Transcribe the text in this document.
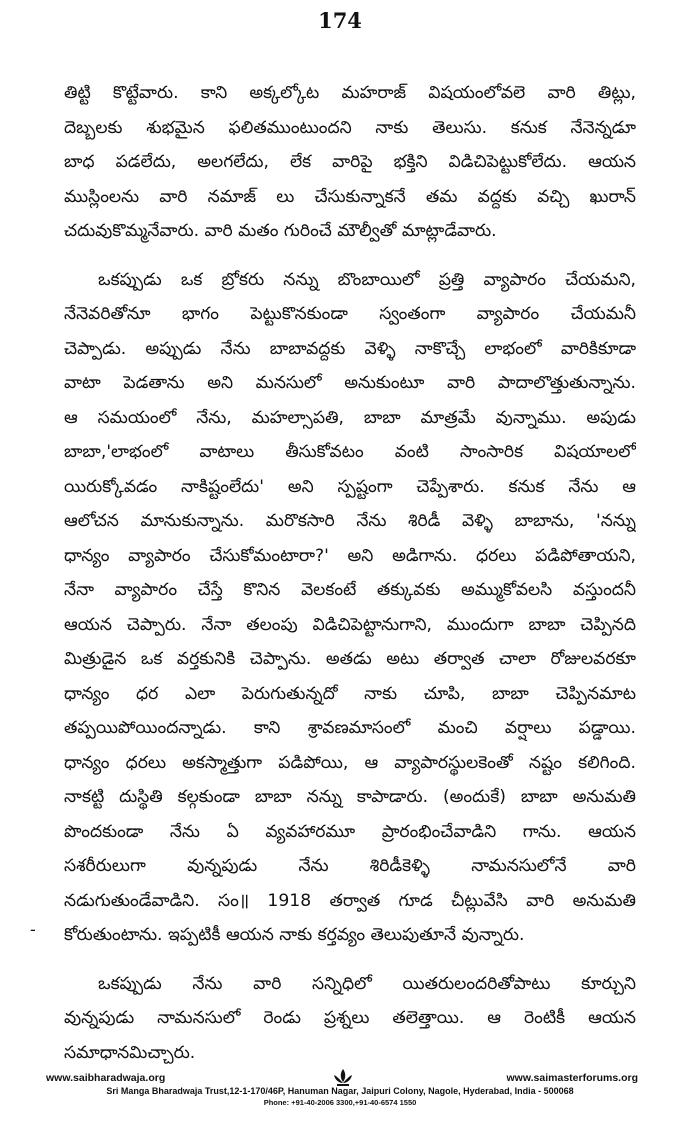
174
తిట్టి కొట్టేవారు. కాని అక్కల్కోట మహరాజ్ విషయంలోవలె వారి తిట్లు,
దెబ్బలకు శుభమైన ఫలితముంటుందని నాకు తెలుసు. కనుక నేనెన్నడూ
బాధ పడలేదు, అలగలేదు, లేక వారిపై భక్తిని విడిచిపెట్టుకోలేదు. ఆయన
ముస్లింలను వారి నమాజ్ లు చేసుకున్నాకనే తమ వద్దకు వచ్చి ఖురాన్
చదువుకొమ్మనేవారు. వారి మతం గురించే మౌల్వీతో మాట్లాడేవారు.
ఒకప్పుడు ఒక బ్రోకరు నన్ను బొంబాయిలో ప్రత్తి వ్యాపారం చేయమని,
నేనెవరితోనూ భాగం పెట్టుకొనకుండా స్వంతంగా వ్యాపారం చేయమనీ
చెప్పాడు. అప్పుడు నేను బాబావద్దకు వెళ్ళి నాకొచ్చే లాభంలో వారికికూడా
వాటా పెడతాను అని మనసులో అనుకుంటూ వారి పాదాలొత్తుతున్నాను.
ఆ సమయంలో నేను, మహల్సాపతి, బాబా మాత్రమే వున్నాము. అపుడు
బాబా,'లాభంలో వాటాలు తీసుకోవటం వంటి సాంసారిక విషయాలలో
యిరుక్కోవడం నాకిష్టంలేదు' అని స్పష్టంగా చెప్పేశారు. కనుక నేను ఆ
ఆలోచన మానుకున్నాను. మరొకసారి నేను శిరిడీ వెళ్ళి బాబాను, 'నన్ను
ధాన్యం వ్యాపారం చేసుకోమంటారా?' అని అడిగాను. ధరలు పడిపోతాయని,
నేనా వ్యాపారం చేస్తే కొనిన వెలకంటే తక్కువకు అమ్ముకోవలసి వస్తుందనీ
ఆయన చెప్పారు. నేనా తలంపు విడిచిపెట్టానుగాని, ముందుగా బాబా చెప్పినది
మిత్రుడైన ఒక వర్తకునికి చెప్పాను. అతడు అటు తర్వాత చాలా రోజులవరకూ
ధాన్యం ధర ఎలా పెరుగుతున్నదో నాకు చూపి, బాబా చెప్పినమాట
తప్పయిపోయిందన్నాడు. కాని శ్రావణమాసంలో మంచి వర్షాలు పడ్డాయి.
ధాన్యం ధరలు అకస్మాత్తుగా పడిపోయి, ఆ వ్యాపారస్థులకెంతో నష్టం కలిగింది.
నాకట్టి దుస్థితి కల్గకుండా బాబా నన్ను కాపాడారు. (అందుకే) బాబా అనుమతి
పొందకుండా నేను ఏ వ్యవహారమూ ప్రారంభించేవాడిని గాను. ఆయన
సశరీరులుగా వున్నపుడు నేను శిరిడీకెళ్ళి నామనసులోనే వారి
నడుగుతుండేవాడిని. సం॥ 1918 తర్వాత గూడ చీట్లువేసి వారి అనుమతి
కోరుతుంటాను. ఇప్పటికీ ఆయన నాకు కర్తవ్యం తెలుపుతూనే వున్నారు.
ఒకప్పుడు నేను వారి సన్నిధిలో యితరులందరితోపాటు కూర్చుని
వున్నపుడు నామనసులో రెండు ప్రశ్నలు తలెత్తాయి. ఆ రెంటికీ ఆయన
సమాధానమిచ్చారు.
-
www.saibharadwaja.org	www.saimasterforums.org
Sri Manga Bharadwaja Trust,12-1-170/46P, Hanuman Nagar, Jaipuri Colony, Nagole, Hyderabad, India - 500068
Phone: +91-40-2006 3300,+91-40-6574 1550
